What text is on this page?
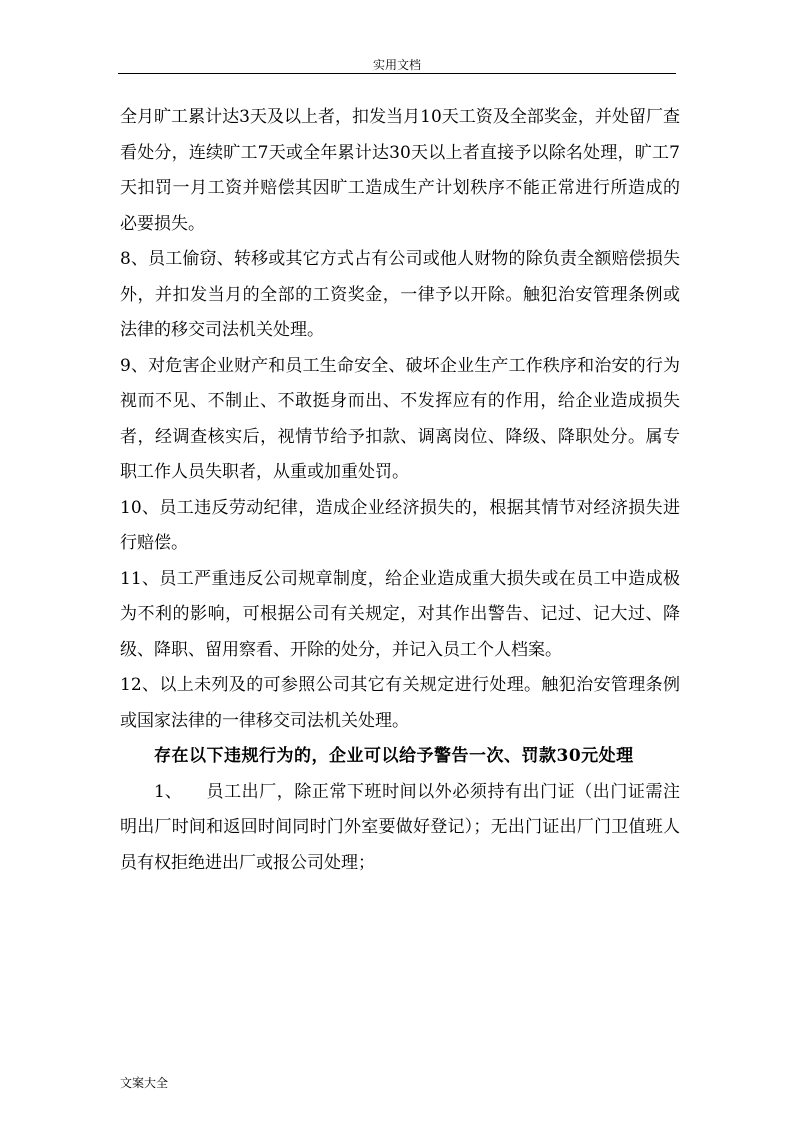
实用文档

全月旷工累计达3天及以上者，扣发当月10天工资及全部奖金，并处留厂查看处分，连续旷工7天或全年累计达30天以上者直接予以除名处理，旷工7天扣罚一月工资并赔偿其因旷工造成生产计划秩序不能正常进行所造成的必要损失。

8、员工偷窃、转移或其它方式占有公司或他人财物的除负责全额赔偿损失外，并扣发当月的全部的工资奖金，一律予以开除。触犯治安管理条例或法律的移交司法机关处理。

9、对危害企业财产和员工生命安全、破坏企业生产工作秩序和治安的行为视而不见、不制止、不敢挺身而出、不发挥应有的作用，给企业造成损失者，经调查核实后，视情节给予扣款、调离岗位、降级、降职处分。属专职工作人员失职者，从重或加重处罚。

10、员工违反劳动纪律，造成企业经济损失的，根据其情节对经济损失进行赔偿。

11、员工严重违反公司规章制度，给企业造成重大损失或在员工中造成极为不利的影响，可根据公司有关规定，对其作出警告、记过、记大过、降级、降职、留用察看、开除的处分，并记入员工个人档案。

12、以上未列及的可参照公司其它有关规定进行处理。触犯治安管理条例或国家法律的一律移交司法机关处理。

存在以下违规行为的，企业可以给予警告一次、罚款30元处理

1、 员工出厂，除正常下班时间以外必须持有出门证（出门证需注明出厂时间和返回时间同时门外室要做好登记）；无出门证出厂门卫值班人员有权拒绝进出厂或报公司处理；

文案大全
